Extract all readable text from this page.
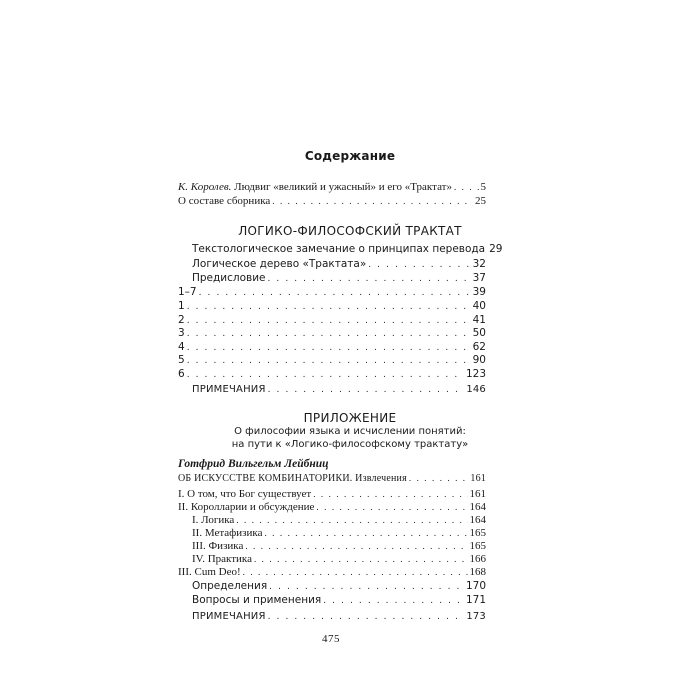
Содержание
К. Королев. Людвиг «великий и ужасный» и его «Трактат» . . .	5
О составе сборника . . .	25
ЛОГИКО-ФИЛОСОФСКИЙ ТРАКТАТ
Текстологическое замечание о принципах перевода 29
Логическое дерево «Трактата» . . .	32
Предисловие . . .	37
1–7 . . .	39
1 . . .	40
2 . . .	41
3 . . .	50
4 . . .	62
5 . . .	90
6 . . .	123
ПРИМЕЧАНИЯ . . .	146
ПРИЛОЖЕНИЕ
О философии языка и исчислении понятий:
на пути к «Логико-философскому трактату»
Готфрид Вильгельм Лейбниц
ОБ ИСКУССТВЕ КОМБИНАТОРИКИ. Извлечения . . .	161
I. О том, что Бог существует . . .	161
II. Королларии и обсуждение . . .	164
I. Логика . . .	164
II. Метафизика . . .	165
III. Физика . . .	165
IV. Практика . . .	166
III. Cum Deo! . . .	168
Определения . . .	170
Вопросы и применения . . .	171
ПРИМЕЧАНИЯ . . .	173
475
